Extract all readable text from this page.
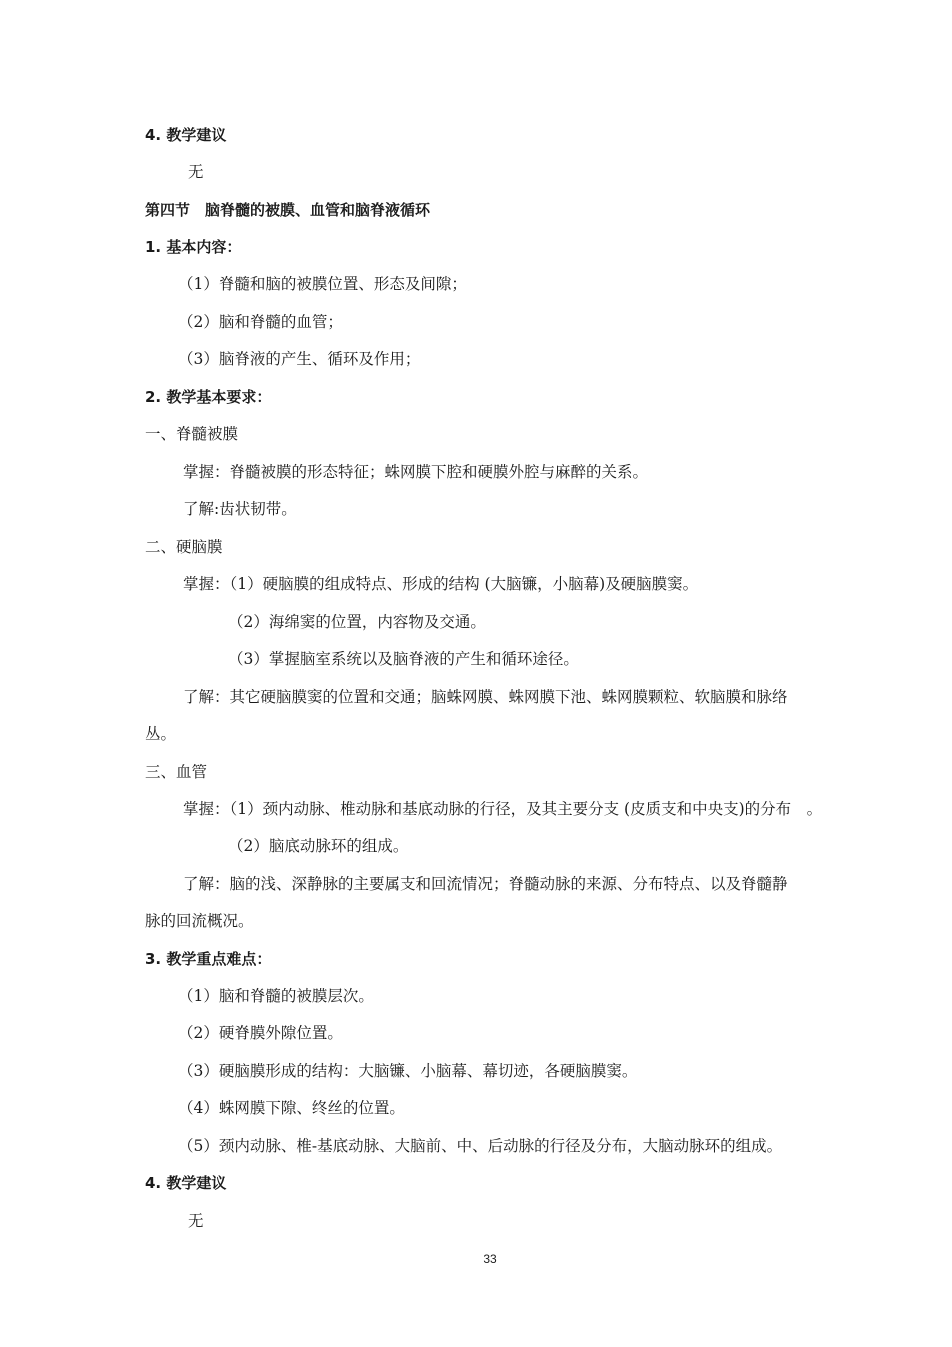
4. 教学建议
无
第四节　脑脊髓的被膜、血管和脑脊液循环
1. 基本内容：
（1）脊髓和脑的被膜位置、形态及间隙；
（2）脑和脊髓的血管；
（3）脑脊液的产生、循环及作用；
2. 教学基本要求：
一、脊髓被膜
掌握：脊髓被膜的形态特征；蛛网膜下腔和硬膜外腔与麻醉的关系。
了解:齿状韧带。
二、硬脑膜
掌握：（1）硬脑膜的组成特点、形成的结构 (大脑镰，小脑幕)及硬脑膜窦。
（2）海绵窦的位置，内容物及交通。
（3）掌握脑室系统以及脑脊液的产生和循环途径。
了解：其它硬脑膜窦的位置和交通；脑蛛网膜、蛛网膜下池、蛛网膜颗粒、软脑膜和脉络
丛。
三、血管
掌握：（1）颈内动脉、椎动脉和基底动脉的行径，及其主要分支 (皮质支和中央支)的分布　。
（2）脑底动脉环的组成。
了解：脑的浅、深静脉的主要属支和回流情况；脊髓动脉的来源、分布特点、以及脊髓静
脉的回流概况。
3. 教学重点难点：
（1）脑和脊髓的被膜层次。
（2）硬脊膜外隙位置。
（3）硬脑膜形成的结构：大脑镰、小脑幕、幕切迹，各硬脑膜窦。
（4）蛛网膜下隙、终丝的位置。
（5）颈内动脉、椎-基底动脉、大脑前、中、后动脉的行径及分布，大脑动脉环的组成。
4. 教学建议
无
33
